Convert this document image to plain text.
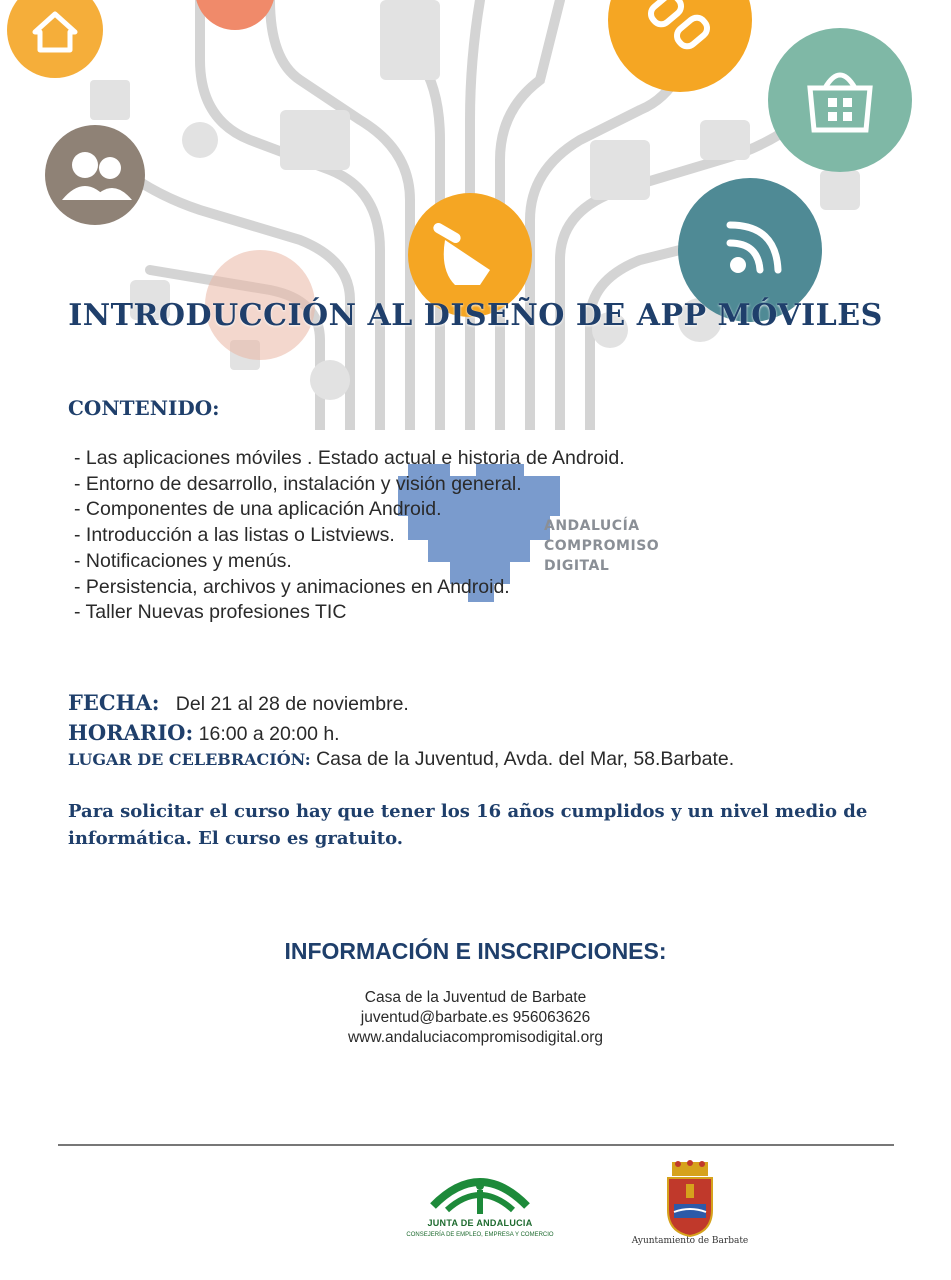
INTRODUCCIÓN AL DISEÑO DE APP MÓVILES
CONTENIDO:
ANDALUCÍA
COMPROMISO
DIGITAL
- Las aplicaciones móviles . Estado actual e historia de Android.
- Entorno de desarrollo, instalación y visión general.
- Componentes de una aplicación Android.
- Introducción a las listas o Listviews.
- Notificaciones y menús.
- Persistencia, archivos y animaciones en Android.
- Taller Nuevas profesiones TIC
FECHA: Del 21 al 28 de noviembre.
HORARIO: 16:00 a 20:00 h.
LUGAR DE CELEBRACIÓN: Casa de la Juventud, Avda. del Mar, 58.Barbate.
Para solicitar el curso hay que tener los 16 años cumplidos y un nivel medio de informática. El curso es gratuito.
INFORMACIÓN E INSCRIPCIONES:
Casa de la Juventud de Barbate
juventud@barbate.es 956063626
www.andaluciacompromisodigital.org
JUNTA DE ANDALUCIA
CONSEJERÍA DE EMPLEO, EMPRESA Y COMERCIO
Ayuntamiento de Barbate
